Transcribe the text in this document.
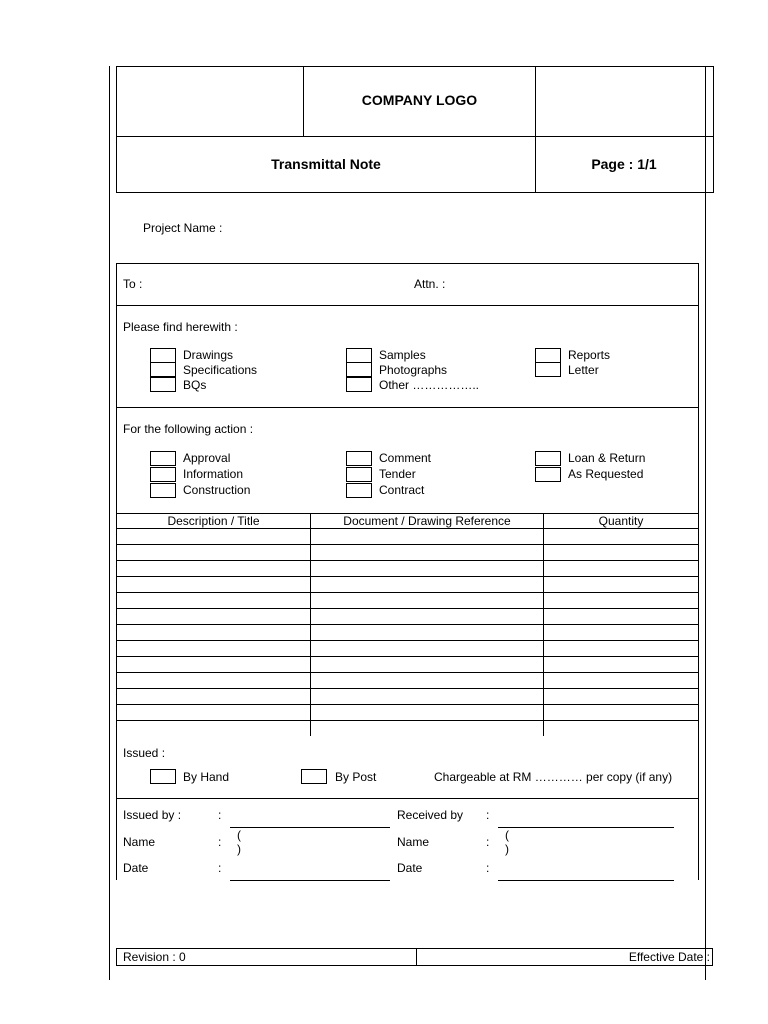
COMPANY LOGO
Transmittal Note	Page : 1/1
Project Name :
To :	Attn. :
Please find herewith :
Drawings
Specifications
BQs
Samples
Photographs
Other ……………..
Reports
Letter
For the following action :
Approval
Information
Construction
Comment
Tender
Contract
Loan & Return
As Requested
Description / Title	Document / Drawing Reference	Quantity
Issued :
By Hand	By Post	Chargeable at RM ………… per copy (if any)
Issued by :	:
Name	: (
)
Date	:
Received by :
Name	: (
)
Date	:
Revision : 0	Effective Date :
